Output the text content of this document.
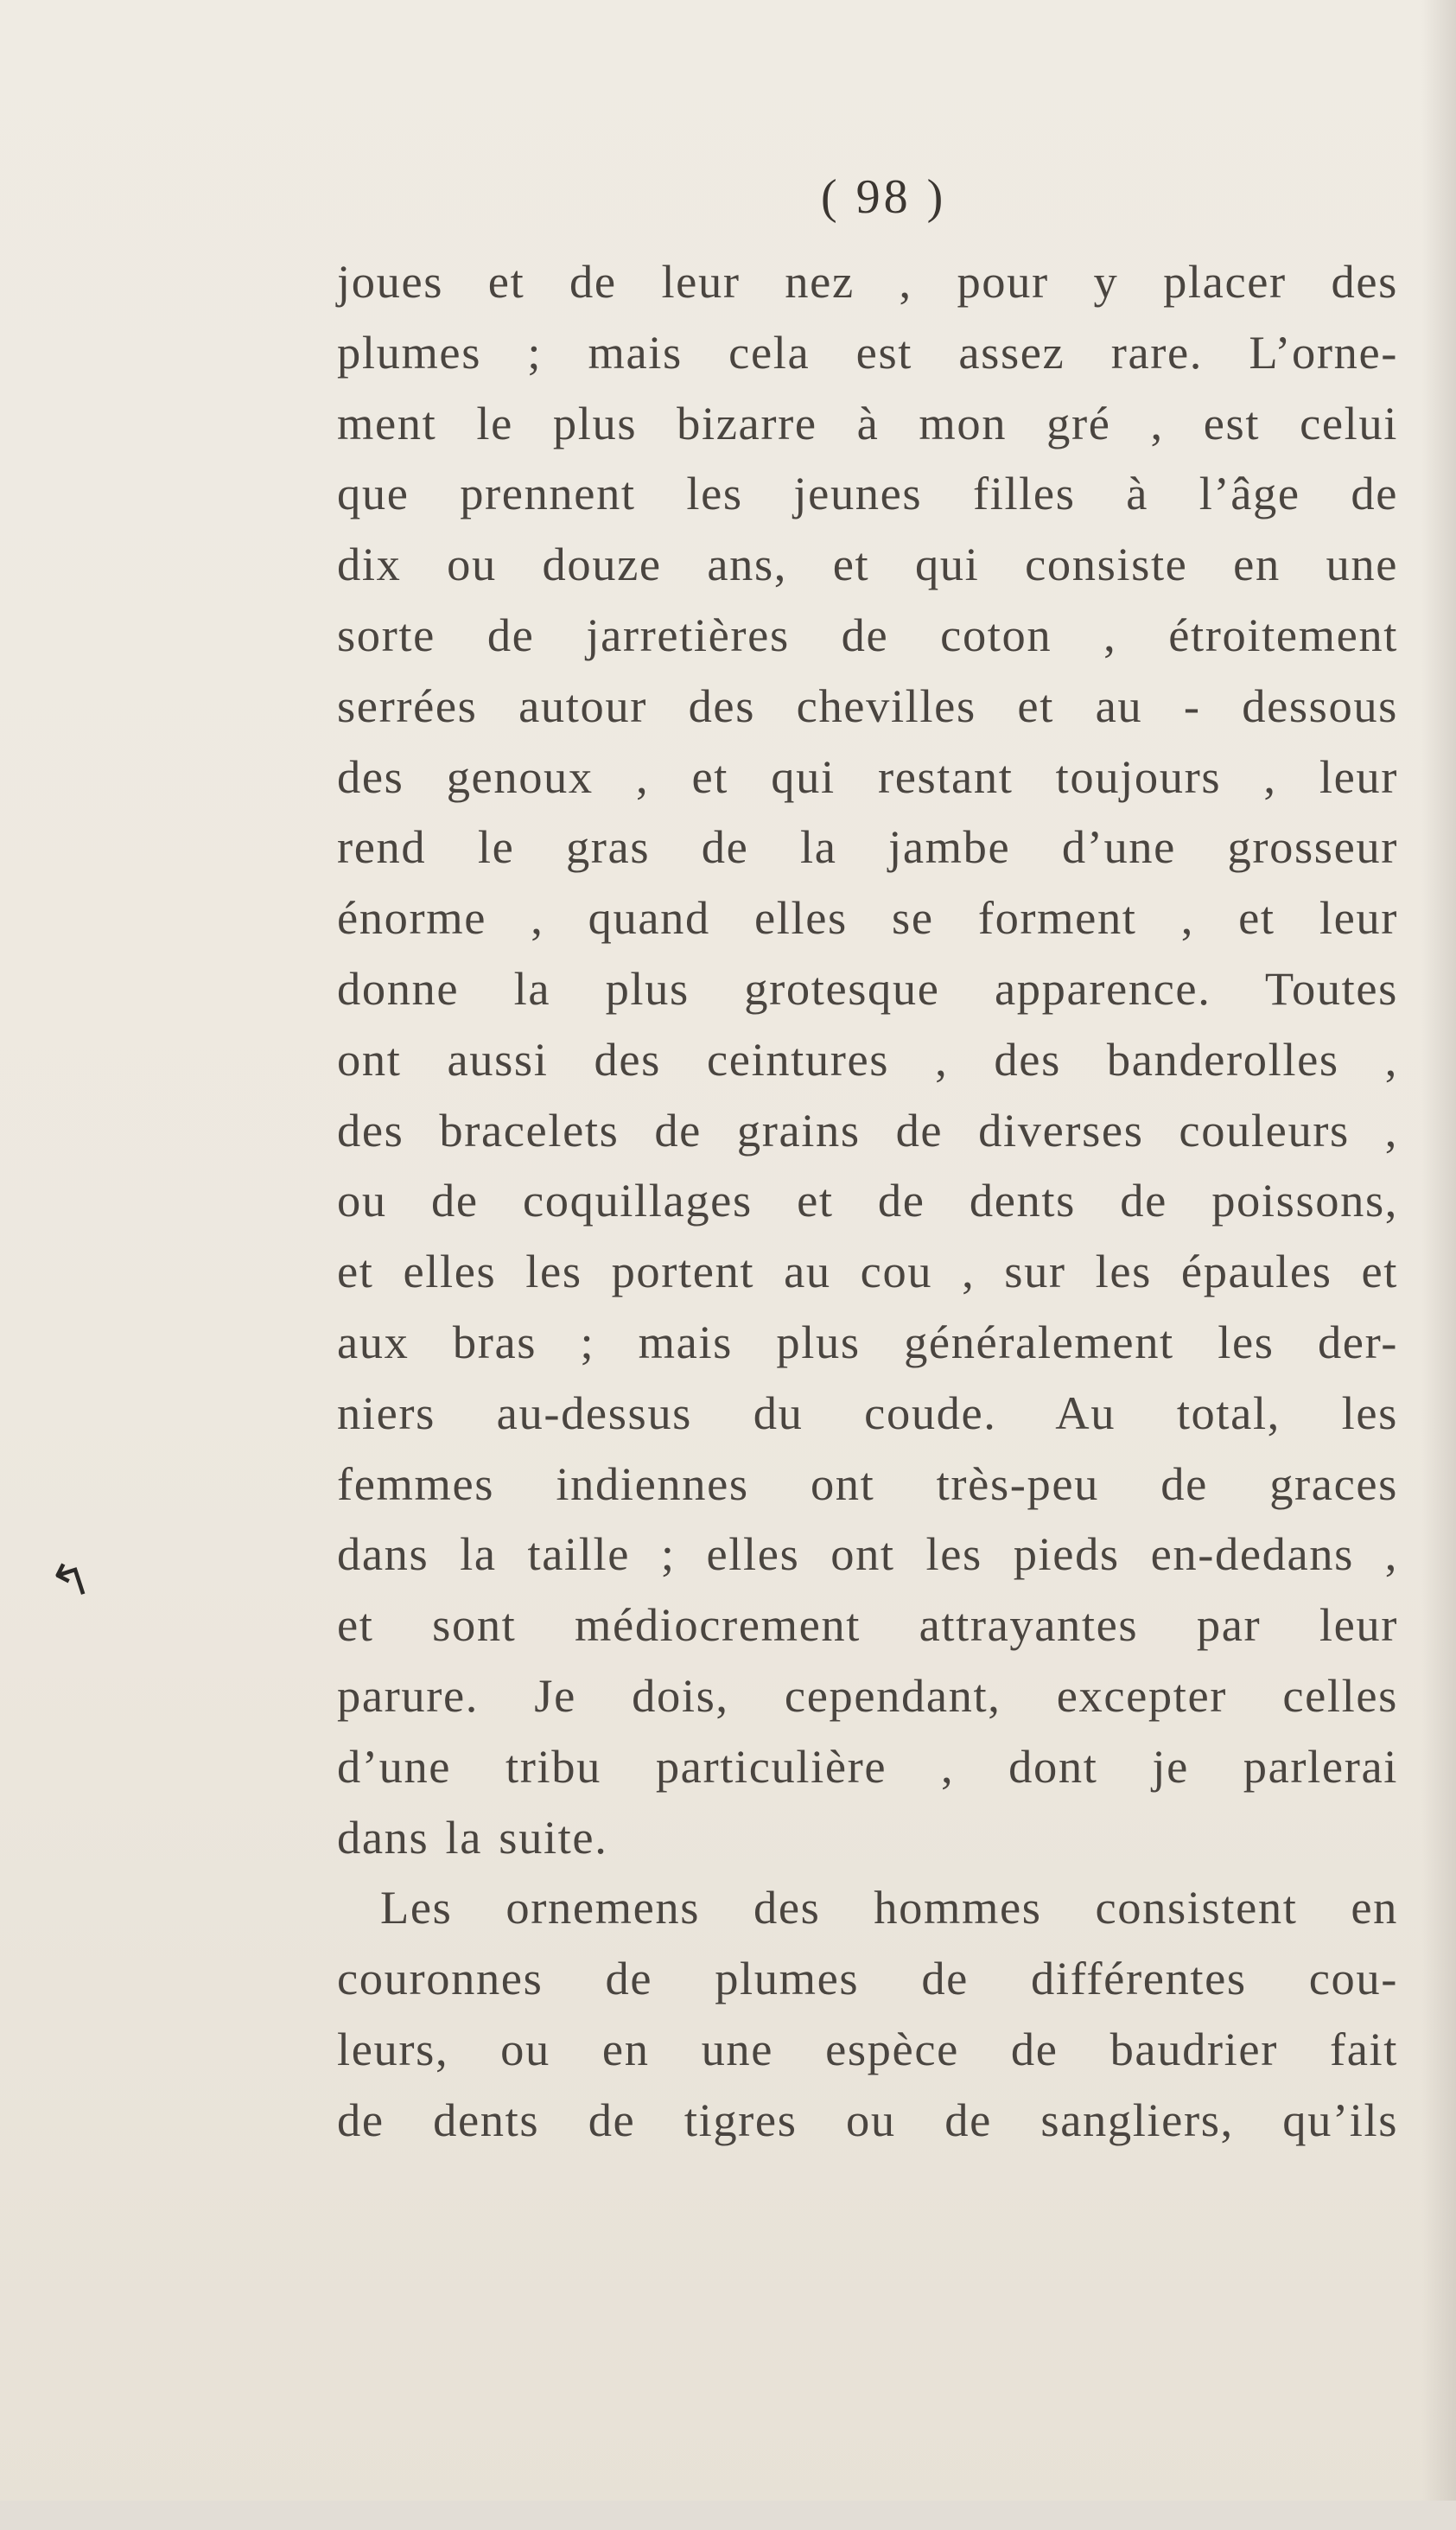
( 98 )
joues et de leur nez , pour y placer des
plumes ; mais cela est assez rare. L’orne-
ment le plus bizarre à mon gré , est celui
que prennent les jeunes filles à l’âge de
dix ou douze ans, et qui consiste en une
sorte de jarretières de coton , étroitement
serrées autour des chevilles et au - dessous
des genoux , et qui restant toujours , leur
rend le gras de la jambe d’une grosseur
énorme , quand elles se forment , et leur
donne la plus grotesque apparence. Toutes
ont aussi des ceintures , des banderolles ,
des bracelets de grains de diverses couleurs ,
ou de coquillages et de dents de poissons,
et elles les portent au cou , sur les épaules et
aux bras ; mais plus généralement les der-
niers au-dessus du coude. Au total, les
femmes indiennes ont très-peu de graces
dans la taille ; elles ont les pieds en-dedans ,
et sont médiocrement attrayantes par leur
parure. Je dois, cependant, excepter celles
d’une tribu particulière , dont je parlerai
dans la suite.
Les ornemens des hommes consistent en
couronnes de plumes de différentes cou-
leurs, ou en une espèce de baudrier fait
de dents de tigres ou de sangliers, qu’ils
↰
